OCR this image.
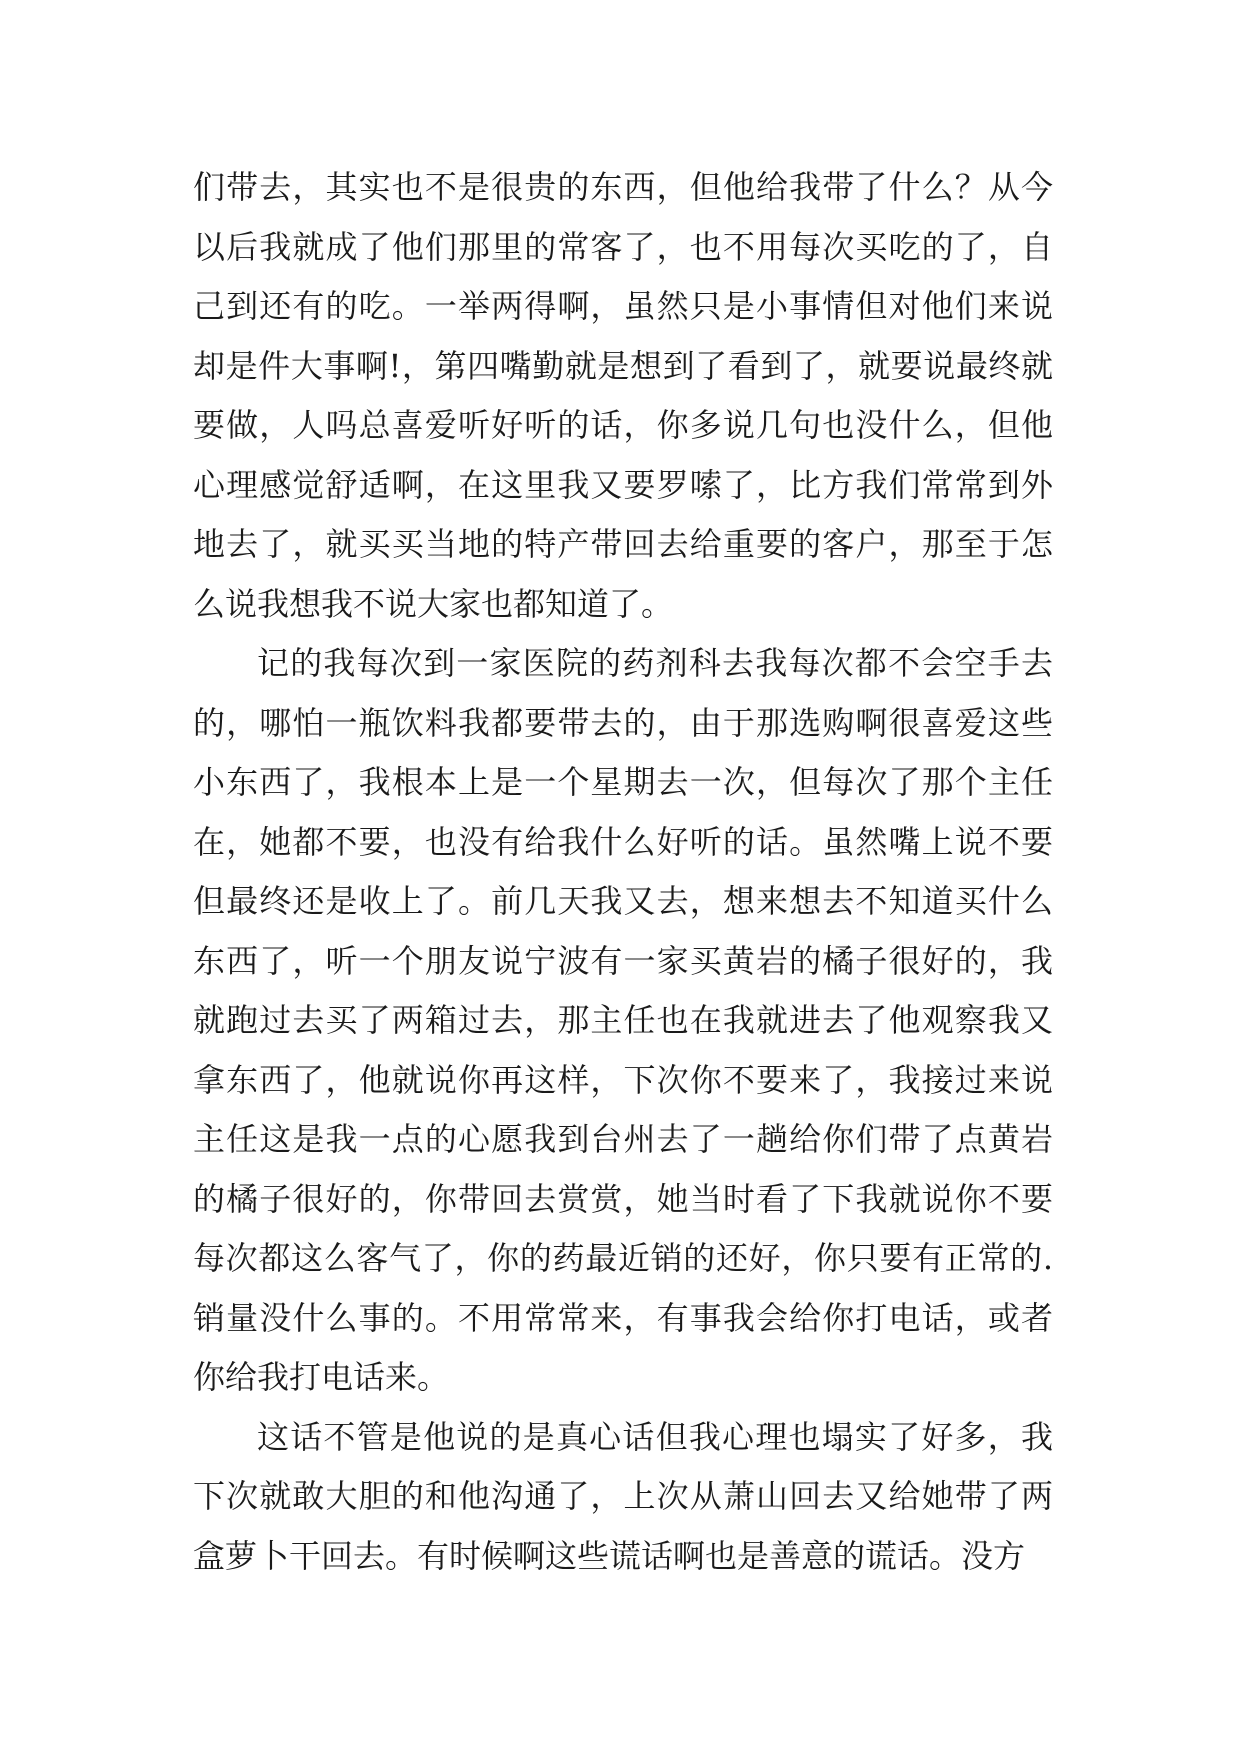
们带去，其实也不是很贵的东西，但他给我带了什么？从今以后我就成了他们那里的常客了，也不用每次买吃的了，自己到还有的吃。一举两得啊，虽然只是小事情但对他们来说却是件大事啊!，第四嘴勤就是想到了看到了，就要说最终就要做，人吗总喜爱听好听的话，你多说几句也没什么，但他心理感觉舒适啊，在这里我又要罗嗦了，比方我们常常到外地去了，就买买当地的特产带回去给重要的客户，那至于怎么说我想我不说大家也都知道了。

记的我每次到一家医院的药剂科去我每次都不会空手去的，哪怕一瓶饮料我都要带去的，由于那选购啊很喜爱这些小东西了，我根本上是一个星期去一次，但每次了那个主任在，她都不要，也没有给我什么好听的话。虽然嘴上说不要但最终还是收上了。前几天我又去，想来想去不知道买什么东西了，听一个朋友说宁波有一家买黄岩的橘子很好的，我就跑过去买了两箱过去，那主任也在我就进去了他观察我又拿东西了，他就说你再这样，下次你不要来了，我接过来说主任这是我一点的心愿我到台州去了一趟给你们带了点黄岩的橘子很好的，你带回去赏赏，她当时看了下我就说你不要每次都这么客气了，你的药最近销的还好，你只要有正常的.销量没什么事的。不用常常来，有事我会给你打电话，或者你给我打电话来。

这话不管是他说的是真心话但我心理也塌实了好多，我下次就敢大胆的和他沟通了，上次从萧山回去又给她带了两盒萝卜干回去。有时候啊这些谎话啊也是善意的谎话。没方
